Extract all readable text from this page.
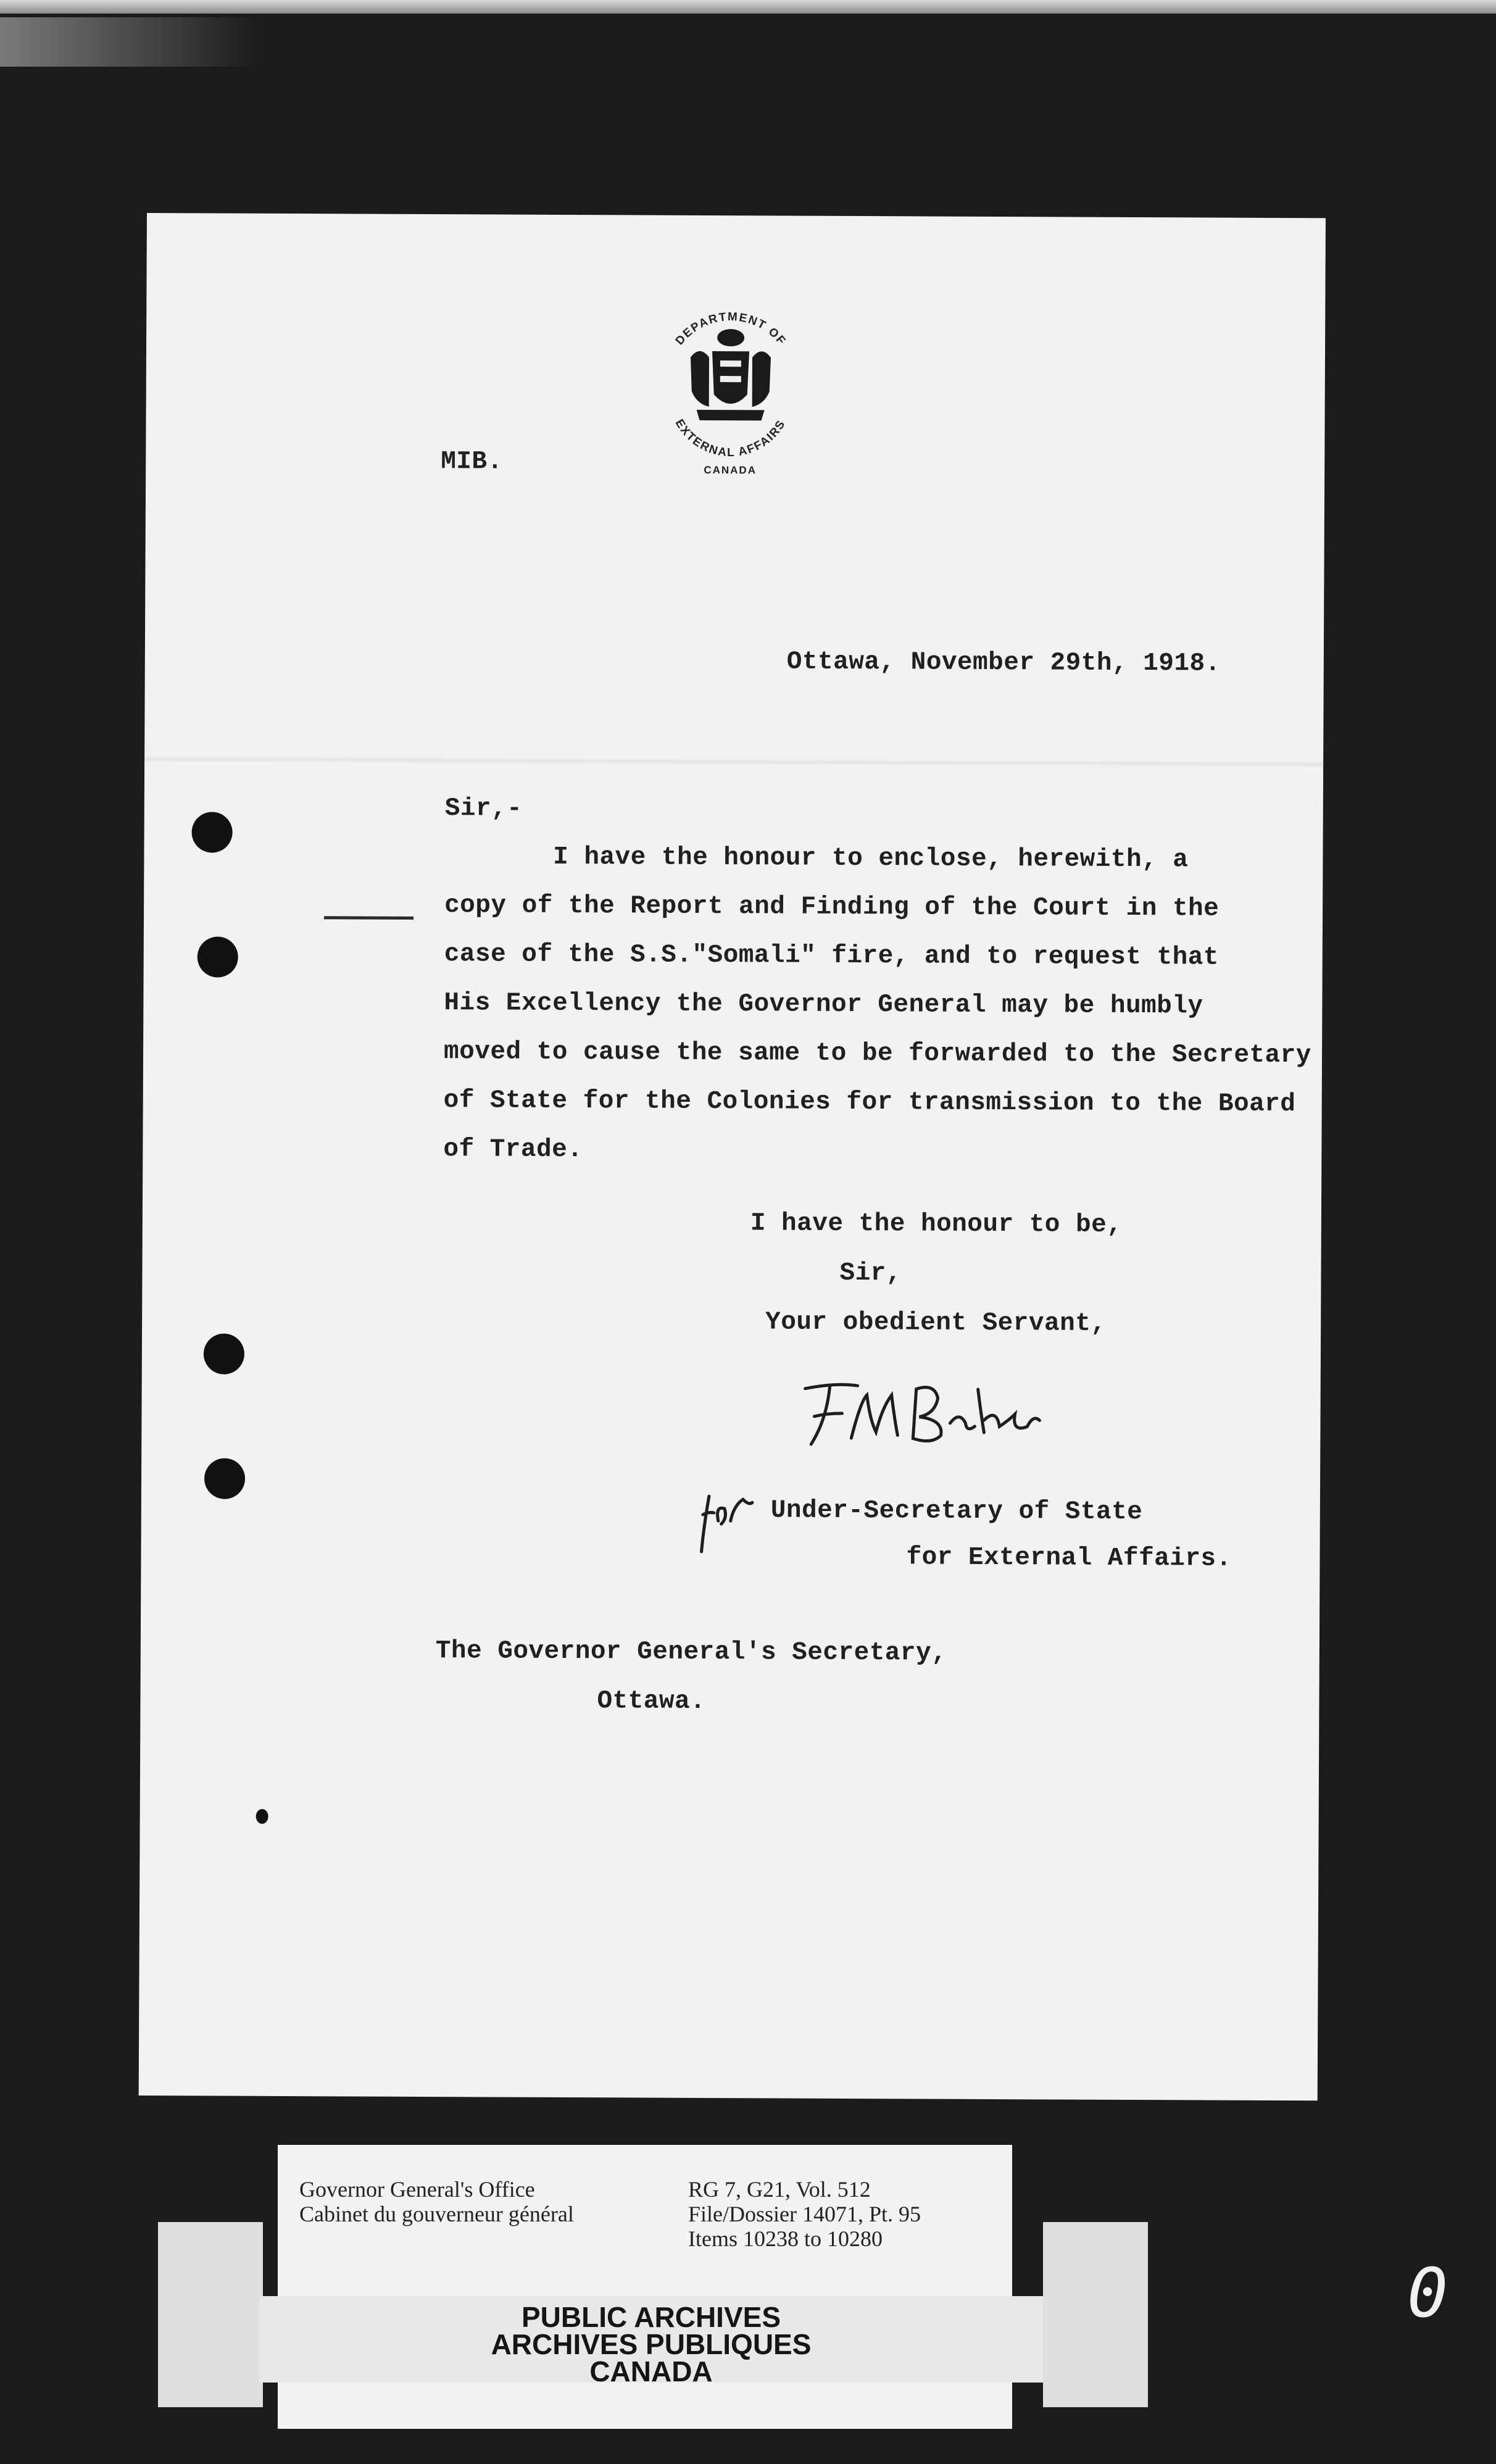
DEPARTMENT OF
EXTERNAL AFFAIRS
CANADA
MIB.
Ottawa, November 29th, 1918.
Sir,-
I have the honour to enclose, herewith, a
copy of the Report and Finding of the Court in the
case of the S.S."Somali" fire, and to request that
His Excellency the Governor General may be humbly
moved to cause the same to be forwarded to the Secretary
of State for the Colonies for transmission to the Board
of Trade.
I have the honour to be,
Sir,
Your obedient Servant,
Under-Secretary of State
for External Affairs.
The Governor General's Secretary,
Ottawa.
Governor General's Office
Cabinet du gouverneur général
RG 7, G21, Vol. 512
File/Dossier 14071, Pt. 95
Items 10238 to 10280
PUBLIC ARCHIVES
ARCHIVES PUBLIQUES
CANADA
0
